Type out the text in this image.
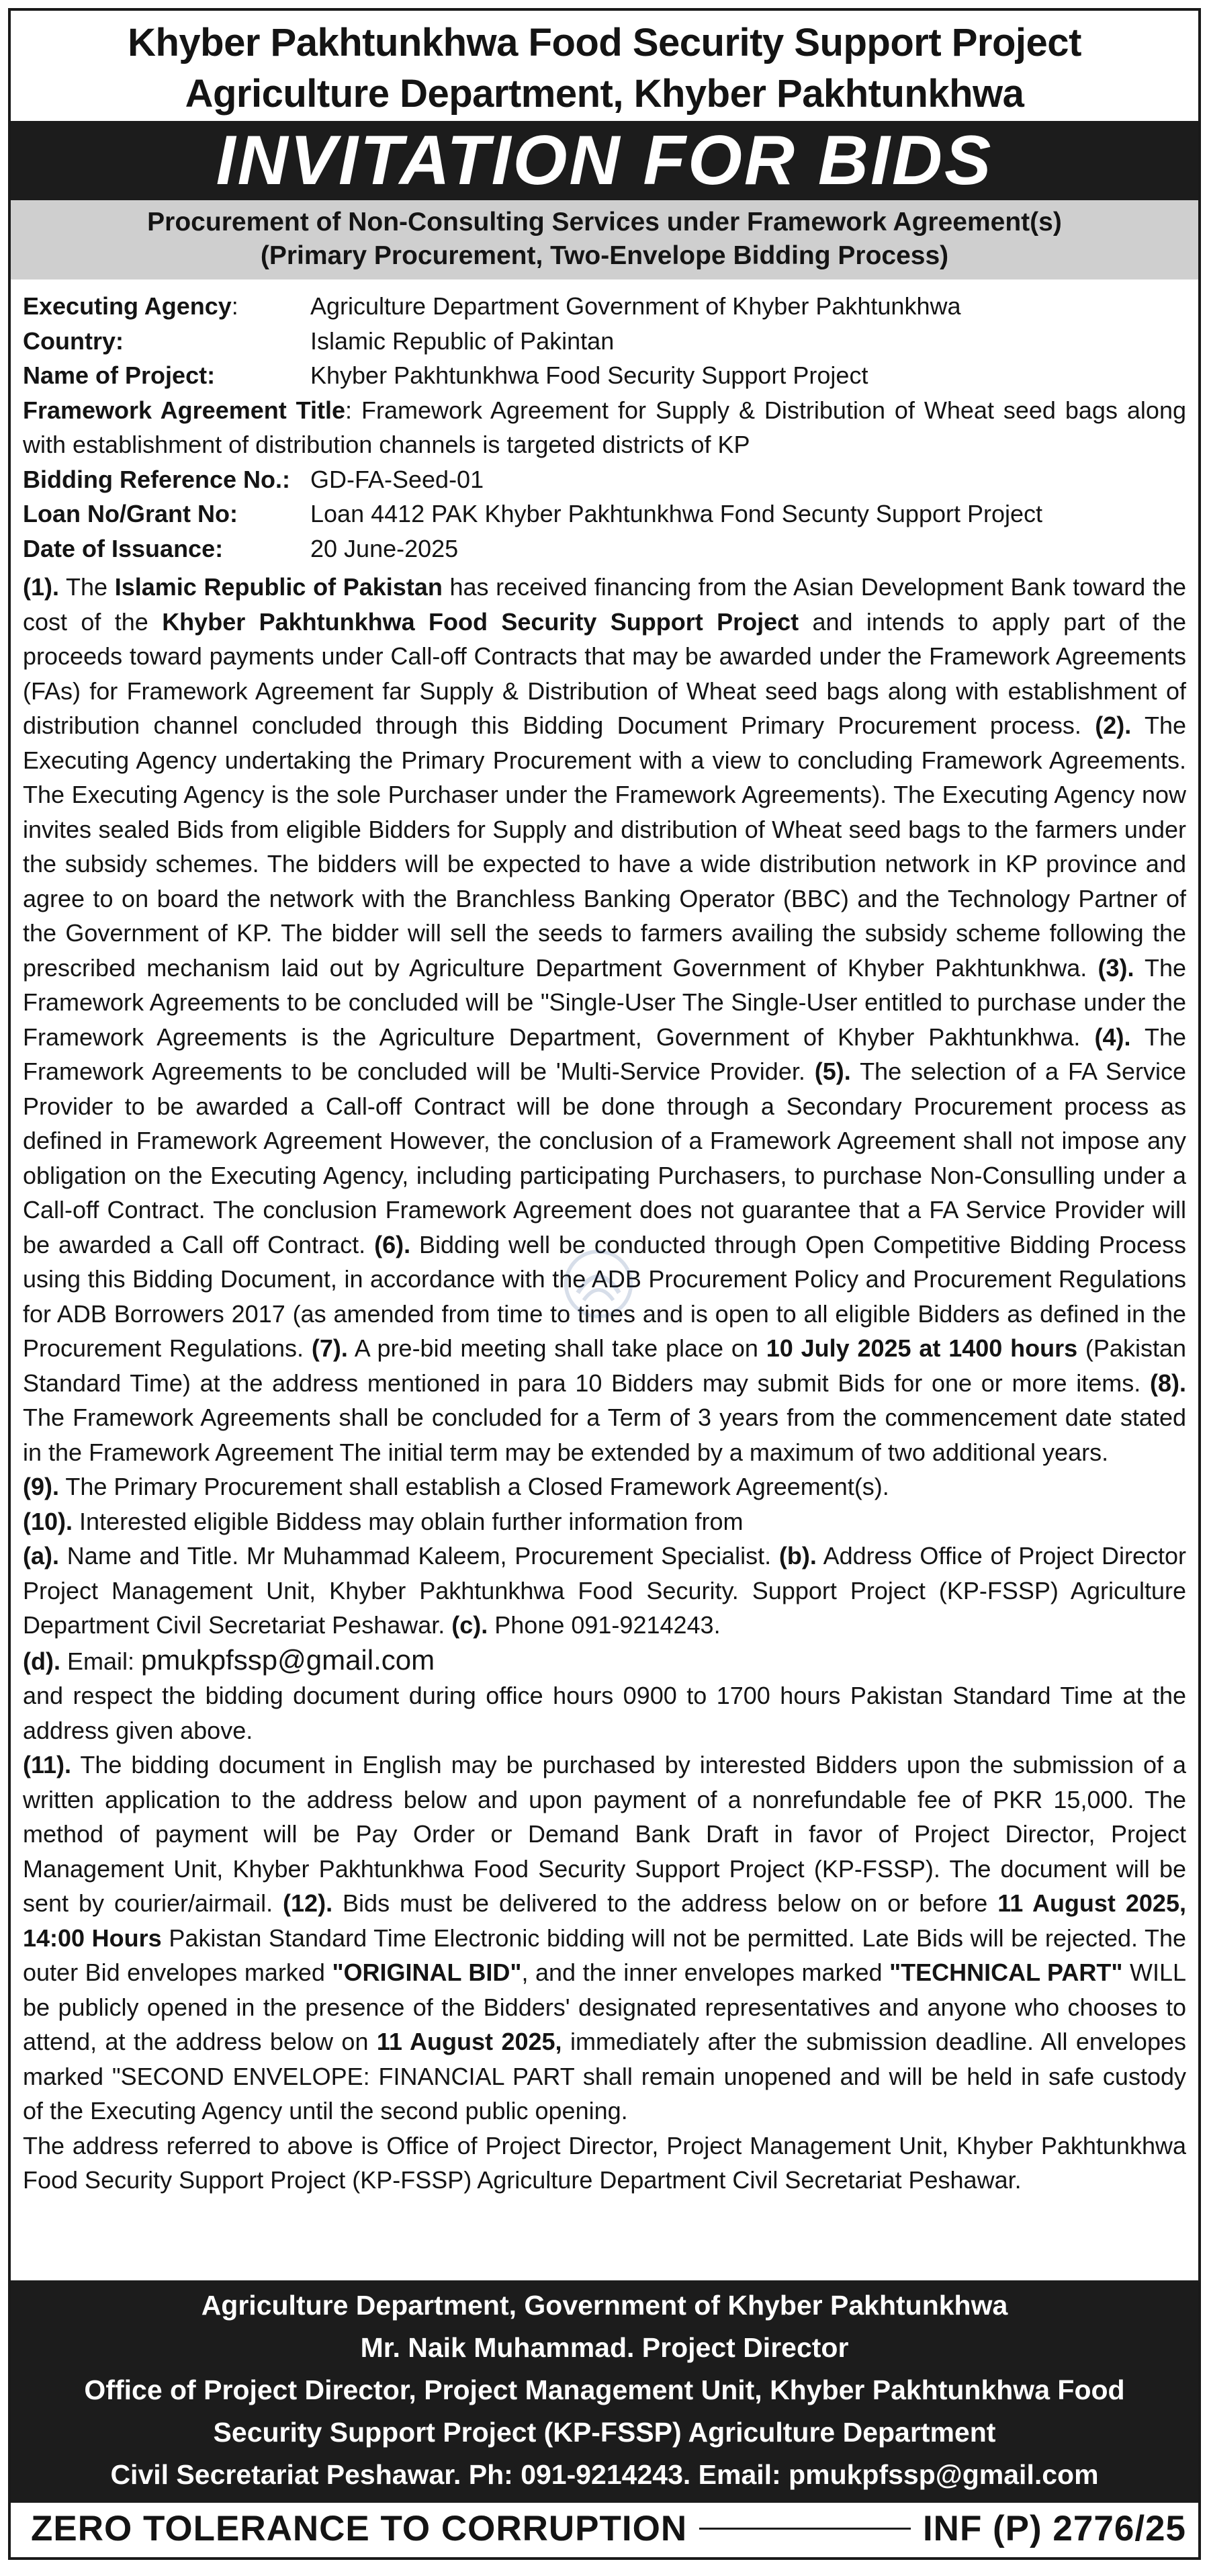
Khyber Pakhtunkhwa Food Security Support Project
Agriculture Department, Khyber Pakhtunkhwa
INVITATION FOR BIDS
Procurement of Non-Consulting Services under Framework Agreement(s)
(Primary Procurement, Two-Envelope Bidding Process)
Executing Agency:	Agriculture Department Government of Khyber Pakhtunkhwa
Country:	Islamic Republic of Pakintan
Name of Project:	Khyber Pakhtunkhwa Food Security Support Project
Framework Agreement Title: Framework Agreement for Supply & Distribution of Wheat seed bags along with establishment of distribution channels is targeted districts of KP
Bidding Reference No.: GD-FA-Seed-01
Loan No/Grant No:	Loan 4412 PAK Khyber Pakhtunkhwa Fond Secunty Support Project
Date of Issuance:	20 June-2025

(1). The Islamic Republic of Pakistan has received financing from the Asian Development Bank toward the cost of the Khyber Pakhtunkhwa Food Security Support Project and intends to apply part of the proceeds toward payments under Call-off Contracts that may be awarded under the Framework Agreements (FAs) for Framework Agreement far Supply & Distribution of Wheat seed bags along with establishment of distribution channel concluded through this Bidding Document Primary Procurement process. (2). The Executing Agency undertaking the Primary Procurement with a view to concluding Framework Agreements. The Executing Agency is the sole Purchaser under the Framework Agreements). The Executing Agency now invites sealed Bids from eligible Bidders for Supply and distribution of Wheat seed bags to the farmers under the subsidy schemes. The bidders will be expected to have a wide distribution network in KP province and agree to on board the network with the Branchless Banking Operator (BBC) and the Technology Partner of the Government of KP. The bidder will sell the seeds to farmers availing the subsidy scheme following the prescribed mechanism laid out by Agriculture Department Government of Khyber Pakhtunkhwa. (3). The Framework Agreements to be concluded will be "Single-User The Single-User entitled to purchase under the Framework Agreements is the Agriculture Department, Government of Khyber Pakhtunkhwa. (4). The Framework Agreements to be concluded will be 'Multi-Service Provider. (5). The selection of a FA Service Provider to be awarded a Call-off Contract will be done through a Secondary Procurement process as defined in Framework Agreement However, the conclusion of a Framework Agreement shall not impose any obligation on the Executing Agency, including participating Purchasers, to purchase Non-Consulling under a Call-off Contract. The conclusion Framework Agreement does not guarantee that a FA Service Provider will be awarded a Call off Contract. (6). Bidding well be conducted through Open Competitive Bidding Process using this Bidding Document, in accordance with the ADB Procurement Policy and Procurement Regulations for ADB Borrowers 2017 (as amended from time to times and is open to all eligible Bidders as defined in the Procurement Regulations. (7). A pre-bid meeting shall take place on 10 July 2025 at 1400 hours (Pakistan Standard Time) at the address mentioned in para 10 Bidders may submit Bids for one or more items. (8). The Framework Agreements shall be concluded for a Term of 3 years from the commencement date stated in the Framework Agreement The initial term may be extended by a maximum of two additional years.

(9). The Primary Procurement shall establish a Closed Framework Agreement(s).

(10). Interested eligible Biddess may oblain further information from

(a). Name and Title. Mr Muhammad Kaleem, Procurement Specialist. (b). Address Office of Project Director Project Management Unit, Khyber Pakhtunkhwa Food Security. Support Project (KP-FSSP) Agriculture Department Civil Secretariat Peshawar. (c). Phone 091-9214243.

(d). Email: pmukpfssp@gmail.com

and respect the bidding document during office hours 0900 to 1700 hours Pakistan Standard Time at the address given above.

(11). The bidding document in English may be purchased by interested Bidders upon the submission of a written application to the address below and upon payment of a nonrefundable fee of PKR 15,000. The method of payment will be Pay Order or Demand Bank Draft in favor of Project Director, Project Management Unit, Khyber Pakhtunkhwa Food Security Support Project (KP-FSSP). The document will be sent by courier/airmail. (12). Bids must be delivered to the address below on or before 11 August 2025, 14:00 Hours Pakistan Standard Time Electronic bidding will not be permitted. Late Bids will be rejected. The outer Bid envelopes marked "ORIGINAL BID", and the inner envelopes marked "TECHNICAL PART" WILL be publicly opened in the presence of the Bidders' designated representatives and anyone who chooses to attend, at the address below on 11 August 2025, immediately after the submission deadline. All envelopes marked "SECOND ENVELOPE: FINANCIAL PART shall remain unopened and will be held in safe custody of the Executing Agency until the second public opening.

The address referred to above is Office of Project Director, Project Management Unit, Khyber Pakhtunkhwa Food Security Support Project (KP-FSSP) Agriculture Department Civil Secretariat Peshawar.

Agriculture Department, Government of Khyber Pakhtunkhwa
Mr. Naik Muhammad. Project Director
Office of Project Director, Project Management Unit, Khyber Pakhtunkhwa Food
Security Support Project (KP-FSSP) Agriculture Department
Civil Secretariat Peshawar. Ph: 091-9214243. Email: pmukpfssp@gmail.com
ZERO TOLERANCE TO CORRUPTION	INF (P) 2776/25
